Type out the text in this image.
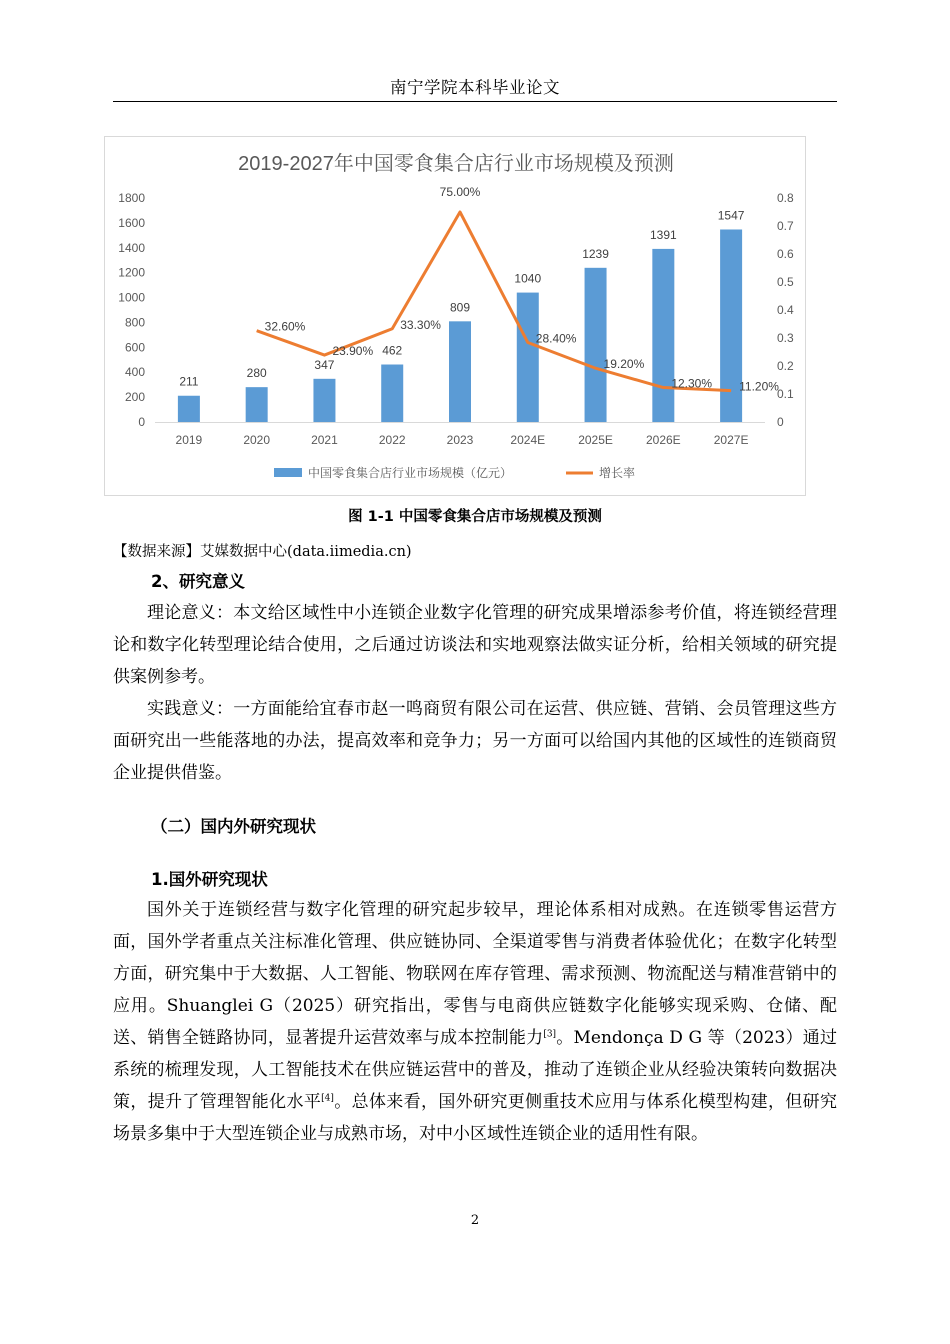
南宁学院本科毕业论文
2019-2027年中国零食集合店行业市场规模及预测
0
200
400
600
800
1000
1200
1400
1600
1800
0
0.1
0.2
0.3
0.4
0.5
0.6
0.7
0.8
211
280
347
462
809
1040
1239
1391
1547
2019	2020	2021	2022	2023	2024E	2025E	2026E	2027E
32.60%
23.90%
33.30%
75.00%
28.40%
19.20%
12.30% 11.20%
中国零食集合店行业市场规模（亿元）	增长率
图 1-1 中国零食集合店市场规模及预测
【数据来源】艾媒数据中心(data.iimedia.cn)
2、研究意义

理论意义：本文给区域性中小连锁企业数字化管理的研究成果增添参考价值，将连锁经营理论和数字化转型理论结合使用，之后通过访谈法和实地观察法做实证分析，给相关领域的研究提供案例参考。

实践意义：一方面能给宜春市赵一鸣商贸有限公司在运营、供应链、营销、会员管理这些方面研究出一些能落地的办法，提高效率和竞争力；另一方面可以给国内其他的区域性的连锁商贸企业提供借鉴。

（二）国内外研究现状
1.国外研究现状

国外关于连锁经营与数字化管理的研究起步较早，理论体系相对成熟。在连锁零售运营方面，国外学者重点关注标准化管理、供应链协同、全渠道零售与消费者体验优化；在数字化转型方面，研究集中于大数据、人工智能、物联网在库存管理、需求预测、物流配送与精准营销中的应用。Shuanglei G（2025）研究指出，零售与电商供应链数字化能够实现采购、仓储、配送、销售全链路协同，显著提升运营效率与成本控制能力[3]。Mendonça D G 等（2023）通过系统的梳理发现，人工智能技术在供应链运营中的普及，推动了连锁企业从经验决策转向数据决策，提升了管理智能化水平[4]。总体来看，国外研究更侧重技术应用与体系化模型构建，但研究场景多集中于大型连锁企业与成熟市场，对中小区域性连锁企业的适用性有限。

2
